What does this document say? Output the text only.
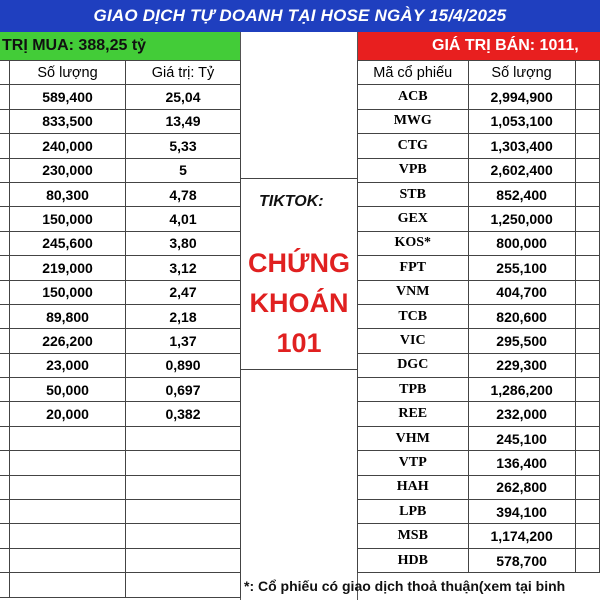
GIAO DỊCH TỰ DOANH TẠI HOSE NGÀY 15/4/2025
TRỊ MUA: 388,25 tỷ	GIÁ TRỊ BÁN: 1011,
	Số lượng	Giá trị: Tỷ
	589,400	25,04
	833,500	13,49
	240,000	5,33
	230,000	5
	80,300	4,78
	150,000	4,01
	245,600	3,80
	219,000	3,12
	150,000	2,47
	89,800	2,18
	226,200	1,37
	23,000	0,890
	50,000	0,697
	20,000	0,382

TIKTOK:
CHỨNG
KHOÁN
101
Mã cổ phiếu	Số lượng	
ACB	2,994,900	
MWG	1,053,100	
CTG	1,303,400	
VPB	2,602,400	
STB	852,400	
GEX	1,250,000	
KOS*	800,000	
FPT	255,100	
VNM	404,700	
TCB	820,600	
VIC	295,500	
DGC	229,300	
TPB	1,286,200	
REE	232,000	
VHM	245,100	
VTP	136,400	
HAH	262,800	
LPB	394,100	
MSB	1,174,200	
HDB	578,700	
*: Cổ phiếu có giao dịch thoả thuận(xem tại binh
